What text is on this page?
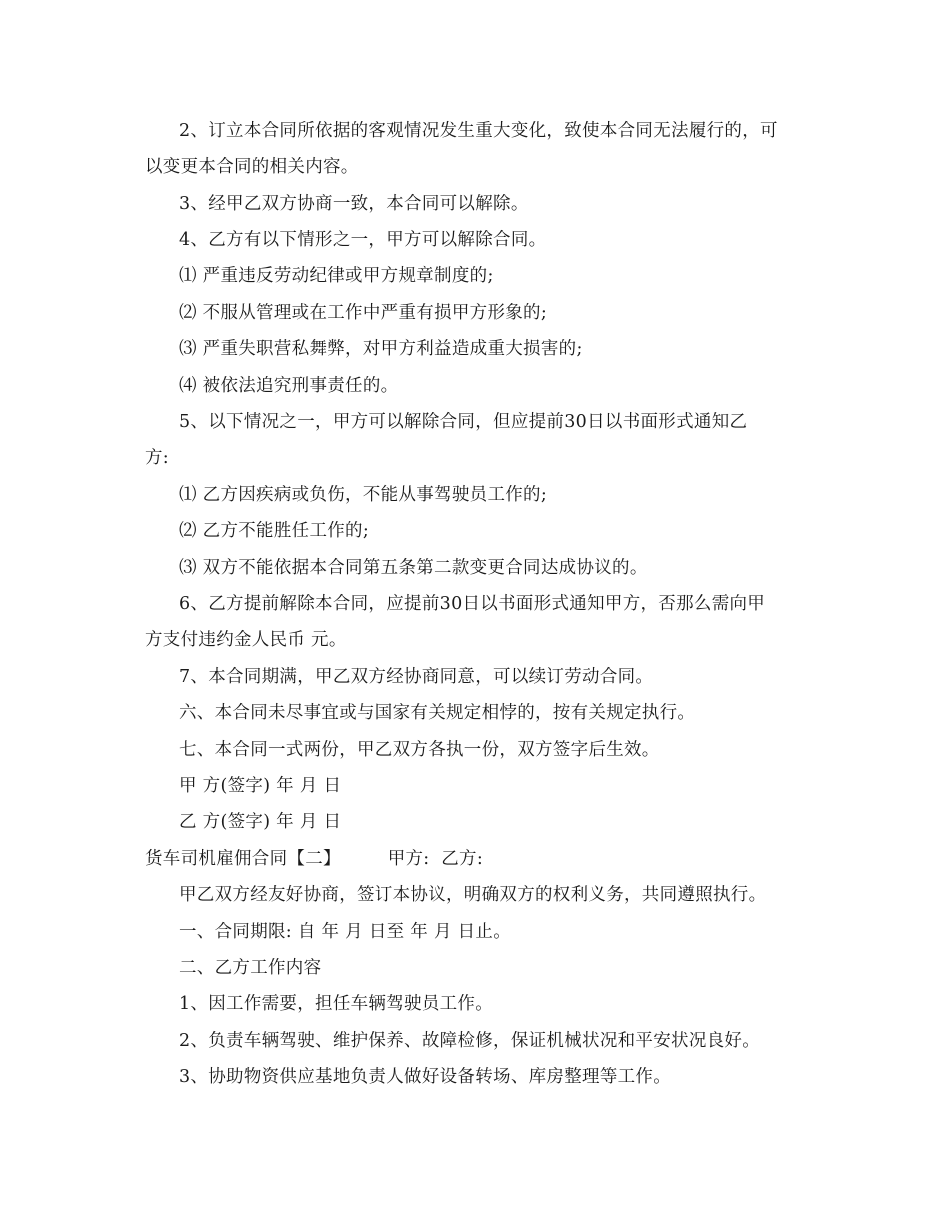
2、订立本合同所依据的客观情况发生重大变化，致使本合同无法履行的，可
以变更本合同的相关内容。
3、经甲乙双方协商一致，本合同可以解除。
4、乙方有以下情形之一，甲方可以解除合同。
⑴ 严重违反劳动纪律或甲方规章制度的;
⑵ 不服从管理或在工作中严重有损甲方形象的;
⑶ 严重失职营私舞弊，对甲方利益造成重大损害的;
⑷ 被依法追究刑事责任的。
5、以下情况之一，甲方可以解除合同，但应提前30日以书面形式通知乙
方:
⑴ 乙方因疾病或负伤，不能从事驾驶员工作的;
⑵ 乙方不能胜任工作的;
⑶ 双方不能依据本合同第五条第二款变更合同达成协议的。
6、乙方提前解除本合同，应提前30日以书面形式通知甲方，否那么需向甲
方支付违约金人民币 元。
7、本合同期满，甲乙双方经协商同意，可以续订劳动合同。
六、本合同未尽事宜或与国家有关规定相悖的，按有关规定执行。
七、本合同一式两份，甲乙双方各执一份，双方签字后生效。
甲 方(签字) 年 月 日
乙 方(签字) 年 月 日
货车司机雇佣合同【二】        甲方:  乙方:
甲乙双方经友好协商，签订本协议，明确双方的权利义务，共同遵照执行。
一、合同期限: 自 年 月 日至 年 月 日止。
二、乙方工作内容
1、因工作需要，担任车辆驾驶员工作。
2、负责车辆驾驶、维护保养、故障检修，保证机械状况和平安状况良好。
3、协助物资供应基地负责人做好设备转场、库房整理等工作。
